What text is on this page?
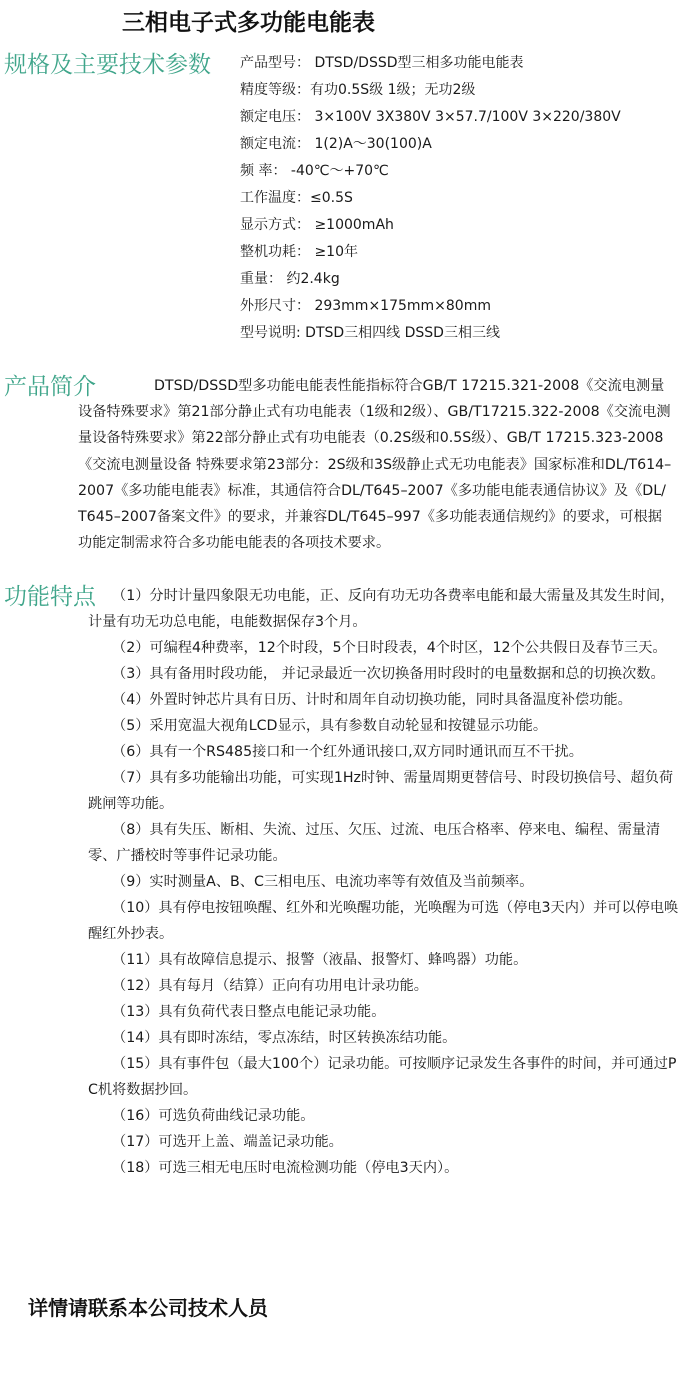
三相电子式多功能电能表
规格及主要技术参数 产品型号： DTSD/DSSD型三相多功能电能表
精度等级：有功0.5S级 1级；无功2级
额定电压： 3×100V 3X380V 3×57.7/100V 3×220/380V
额定电流： 1(2)A～30(100)A
频 率： -40℃～+70℃
工作温度：≤0.5S
显示方式： ≥1000mAh
整机功耗： ≥10年
重量： 约2.4kg
外形尺寸： 293mm×175mm×80mm
型号说明: DTSD三相四线 DSSD三相三线
产品简介	DTSD/DSSD型多功能电能表性能指标符合GB/T 17215.321-2008《交流电测量设备特殊要求》第21部分静止式有功电能表（1级和2级）、GB/T17215.322-2008《交流电测量设备特殊要求》第22部分静止式有功电能表（0.2S级和0.5S级）、GB/T 17215.323-2008《交流电测量设备 特殊要求第23部分：2S级和3S级静止式无功电能表》国家标准和DL/T614–2007《多功能电能表》标准，其通信符合DL/T645–2007《多功能电能表通信协议》及《DL/T645–2007备案文件》的要求，并兼容DL/T645–997《多功能表通信规约》的要求，可根据功能定制需求符合多功能电能表的各项技术要求。

功能特点	（1）分时计量四象限无功电能，正、反向有功无功各费率电能和最大需量及其发生时间，计量有功无功总电能，电能数据保存3个月。
（2）可编程4种费率，12个时段，5个日时段表，4个时区，12个公共假日及春节三天。
（3）具有备用时段功能， 并记录最近一次切换备用时段时的电量数据和总的切换次数。
（4）外置时钟芯片具有日历、计时和周年自动切换功能，同时具备温度补偿功能。
（5）采用宽温大视角LCD显示，具有参数自动轮显和按键显示功能。
（6）具有一个RS485接口和一个红外通讯接口,双方同时通讯而互不干扰。
（7）具有多功能输出功能，可实现1Hz时钟、需量周期更替信号、时段切换信号、超负荷跳闸等功能。
（8）具有失压、断相、失流、过压、欠压、过流、电压合格率、停来电、编程、需量清零、广播校时等事件记录功能。
（9）实时测量A、B、C三相电压、电流功率等有效值及当前频率。
（10）具有停电按钮唤醒、红外和光唤醒功能，光唤醒为可选（停电3天内）并可以停电唤醒红外抄表。
（11）具有故障信息提示、报警（液晶、报警灯、蜂鸣器）功能。
（12）具有每月（结算）正向有功用电计录功能。
（13）具有负荷代表日整点电能记录功能。
（14）具有即时冻结，零点冻结，时区转换冻结功能。
（15）具有事件包（最大100个）记录功能。可按顺序记录发生各事件的时间，并可通过PC机将数据抄回。
（16）可选负荷曲线记录功能。
（17）可选开上盖、端盖记录功能。
（18）可选三相无电压时电流检测功能（停电3天内）。
详情请联系本公司技术人员
